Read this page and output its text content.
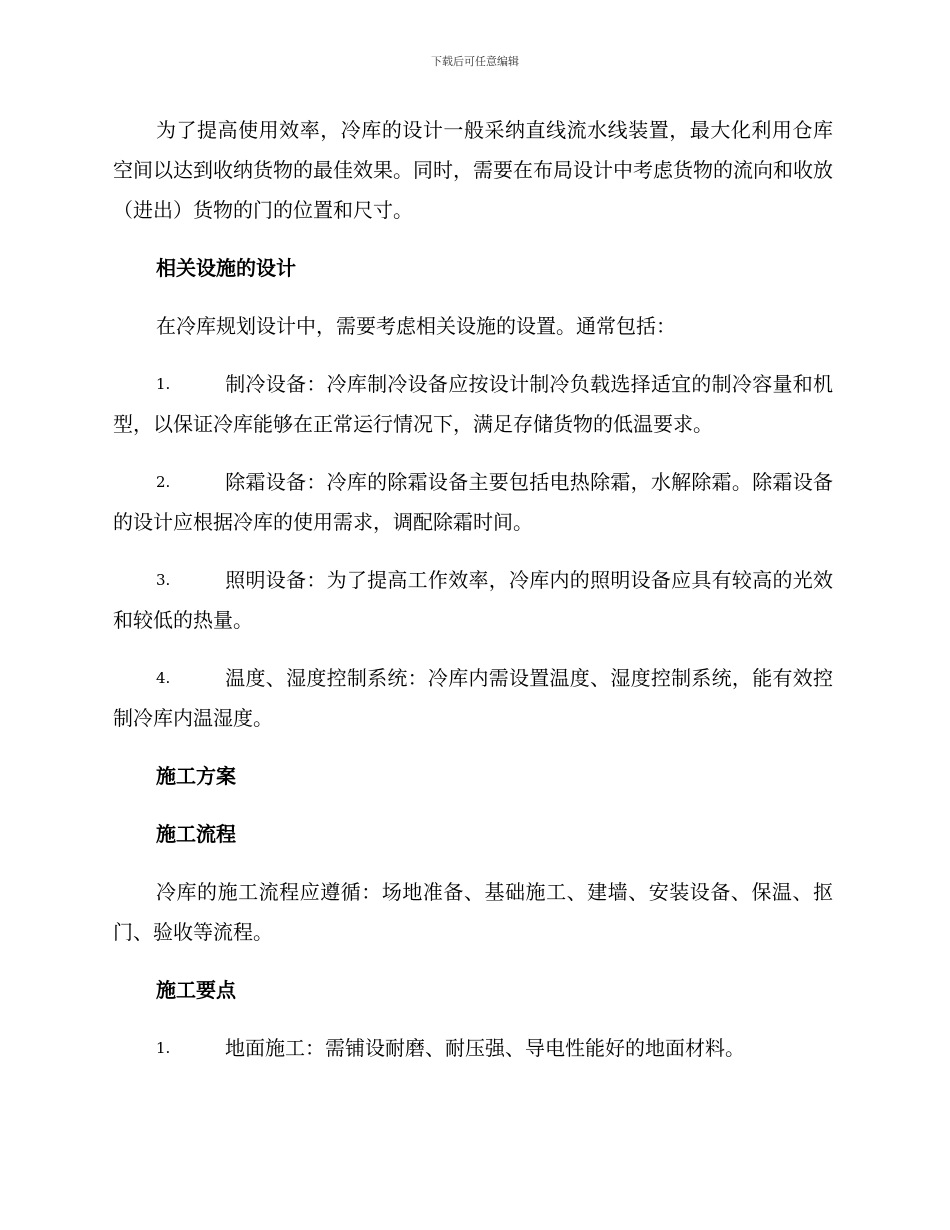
下载后可任意编辑

为了提高使用效率，冷库的设计一般采纳直线流水线装置，最大化利用仓库空间以达到收纳货物的最佳效果。同时，需要在布局设计中考虑货物的流向和收放（进出）货物的门的位置和尺寸。

相关设施的设计

在冷库规划设计中，需要考虑相关设施的设置。通常包括：

1.	制冷设备：冷库制冷设备应按设计制冷负载选择适宜的制冷容量和机型，以保证冷库能够在正常运行情况下，满足存储货物的低温要求。
2.	除霜设备：冷库的除霜设备主要包括电热除霜，水解除霜。除霜设备的设计应根据冷库的使用需求，调配除霜时间。
3.	照明设备：为了提高工作效率，冷库内的照明设备应具有较高的光效和较低的热量。
4.	温度、湿度控制系统：冷库内需设置温度、湿度控制系统，能有效控制冷库内温湿度。
施工方案
施工流程

冷库的施工流程应遵循：场地准备、基础施工、建墙、安装设备、保温、抠门、验收等流程。

施工要点
1.	地面施工：需铺设耐磨、耐压强、导电性能好的地面材料。
